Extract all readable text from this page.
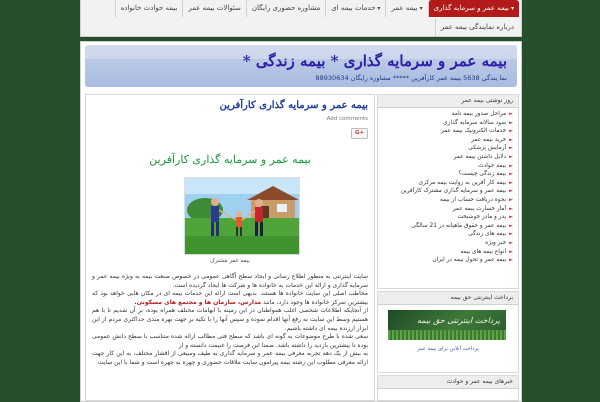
بیمه عمر و سرمایه گذاری ▾
بیمه عمر ▾
خدمات بیمه ای ▾
مشاوره حضوری رایگان
سئوالات بیمه عمر
بیمه حوادث خانواده
درباره نمایندگی بیمه عمر
بیمه عمر و سرمایه گذاری * بیمه زندگی *
نما یندگی 5638 بیمه عمر کارآفرین ***** مشاوره رایگان 88930634
بیمه عمر و سرمایه گذاری کارآفرین
Add comments
G+
بیمه عمر و سرمایه گذاری کارآفرین
بیمه عمر مشترک

سایت اینترنتی به منظور اطلاع رسانی و ایجاد سطح آگاهی عمومی در خصوص صنعت بیمه به ویژه بیمه عمر و سرمایه گذاری و ارائه این خدمات به خانواده ها و شرکت ها ایجاد گردیده است.

مخاطب اصلی این سایت خانواده ها هستند. بدیهی است ارائه این خدمات بیمه ای در مکان هایی خواهد بود که بیشترین تمرکز خانواده ها وجود دارد، مانند مدارس، سازمان ها و مجتمع های مسکونی.

از آنجایکه اطلاعات شخصی اغلب همواطنان در این زمینه با ابهامات مختلف همراه بوده، بر آن شدیم تا با هم هستیم وسط این سایت به رفع آنها اقدام نموده و سپس آنها را با تکیه بر جهت بهره مندی حداکثری مردم از این ابزار ارزنده بیمه ای داشته باشیم.

سعی شده با طرح موضوعات به گونه ای باشد که سطح فنی مطالب ارائه شده متناسب با سطح دانش عمومی بوده تا بیشترین بازدید را داشته باشد. ضمنا این فرصت را غنیمت دانسته و از

به بیش از یک دهه تجربه معرفی بیمه عمر و سرمایه گذاری به طیف وسیعی از اقشار مختلف، به این کار جهت ارائه معرفی مطلوب این رشته بیمه پیرامون سایت ملاقات حضوری و چهره به چهره است و شما با این سایت

روز نوشتی بیمه عمر
►مراحل صدور بیمه نامه
►سود سالانه سرمایه گذاری
►خدمات الکترونیک بیمه عمر
►خرید بیمه عمر
►آزمایش پزشکی
►دلایل داشتن بیمه عمر
►بیمه حوادث
►بیمه زندگی چیست؟
►بیمه کار آفرین به روایت بیمه مرکزی
►بیمه عمر و سرمایه گذاری مشترک کارآفرین
►نحوه دریافت حساب از بیمه
►آمار خسارت بیمه عمر
►پدر و مادر خوشبخت
►بیمه عمر و حقوق ماهیانه در 21 سالگی
►بیمه های زندگی
►خبر ویژه
►انواع بیمه های بیمه
►بیمه عمر و تحول بیمه در ایران
برداخت اینترنتی حق بیمه
پرداخت اینترنتی حق بیمه
پرداخت آنلاین برای بیمه عمر
خبرهای بیمه عمر و حوادث
